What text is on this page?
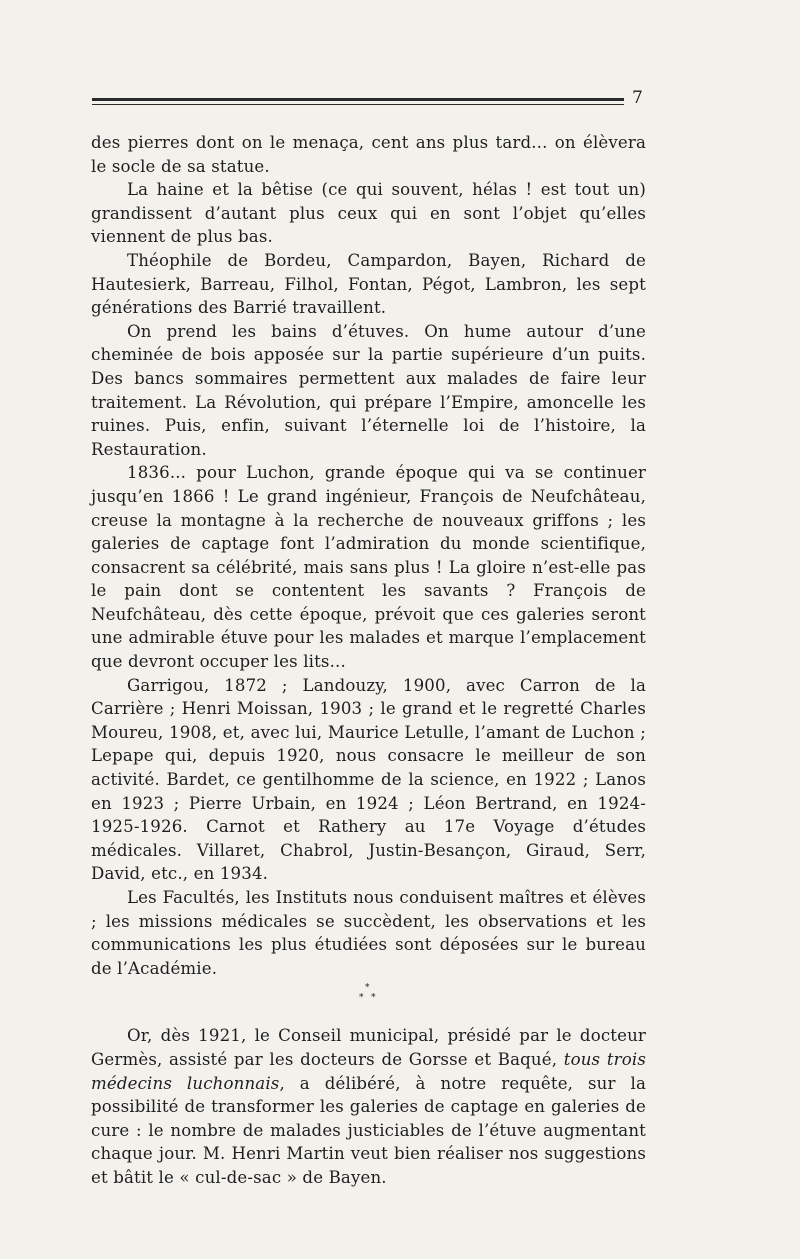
7

des pierres dont on le menaça, cent ans plus tard... on élèvera le socle de sa statue.

La haine et la bêtise (ce qui souvent, hélas ! est tout un) grandissent d’autant plus ceux qui en sont l’objet qu’elles viennent de plus bas.

Théophile de Bordeu, Campardon, Bayen, Richard de Hautesierk, Barreau, Filhol, Fontan, Pégot, Lambron, les sept générations des Barrié travaillent.

On prend les bains d’étuves. On hume autour d’une cheminée de bois apposée sur la partie supérieure d’un puits. Des bancs sommaires permettent aux malades de faire leur traitement. La Révolution, qui prépare l’Empire, amoncelle les ruines. Puis, enfin, suivant l’éternelle loi de l’histoire, la Restauration.

1836... pour Luchon, grande époque qui va se continuer jusqu’en 1866 ! Le grand ingénieur, François de Neufchâteau, creuse la montagne à la recherche de nouveaux griffons ; les galeries de captage font l’admiration du monde scientifique, consacrent sa célébrité, mais sans plus ! La gloire n’est-elle pas le pain dont se contentent les savants ? François de Neufchâteau, dès cette époque, prévoit que ces galeries seront une admirable étuve pour les malades et marque l’emplacement que devront occuper les lits...

Garrigou, 1872 ; Landouzy, 1900, avec Carron de la Carrière ; Henri Moissan, 1903 ; le grand et le regretté Charles Moureu, 1908, et, avec lui, Maurice Letulle, l’amant de Luchon ; Lepape qui, depuis 1920, nous consacre le meilleur de son activité. Bardet, ce gentilhomme de la science, en 1922 ; Lanos en 1923 ; Pierre Urbain, en 1924 ; Léon Bertrand, en 1924-1925-1926. Carnot et Rathery au 17e Voyage d’études médicales. Villaret, Chabrol, Justin-Besançon, Giraud, Serr, David, etc., en 1934.

Les Facultés, les Instituts nous conduisent maîtres et élèves ; les missions médicales se succèdent, les observations et les communications les plus étudiées sont déposées sur le bureau de l’Académie.

*
* *

Or, dès 1921, le Conseil municipal, présidé par le docteur Germès, assisté par les docteurs de Gorsse et Baqué, tous trois médecins luchonnais, a délibéré, à notre requête, sur la possibilité de transformer les galeries de captage en galeries de cure : le nombre de malades justiciables de l’étuve augmentant chaque jour. M. Henri Martin veut bien réaliser nos suggestions et bâtit le « cul-de-sac » de Bayen.
